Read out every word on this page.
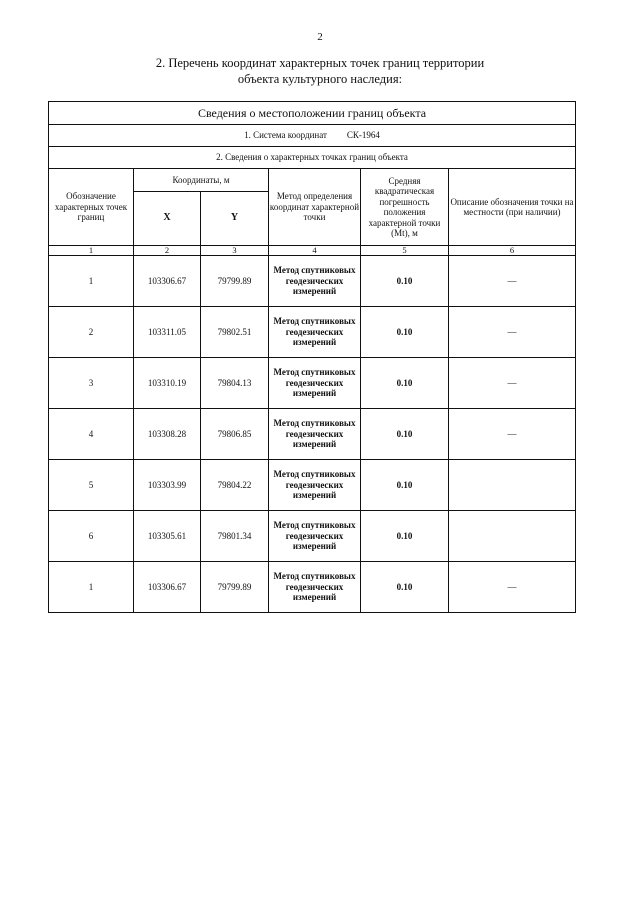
2
2. Перечень координат характерных точек границ территории
объекта культурного наследия:
Сведения о местоположении границ объекта					
1. Система координат СК-1964					
2. Сведения о характерных точках границ объекта					
Обозначение характерных точек границ	Координаты, м		Метод определения координат характерной точки	Средняя квадратическая погрешность положения характерной точки (Mt), м	Описание обозначения точки на местности (при наличии)
	X	Y			
1	2	3	4	5	6
1	103306.67	79799.89	Метод спутниковых геодезических измерений	0.10	—
2	103311.05	79802.51	Метод спутниковых геодезических измерений	0.10	—
3	103310.19	79804.13	Метод спутниковых геодезических измерений	0.10	—
4	103308.28	79806.85	Метод спутниковых геодезических измерений	0.10	—
5	103303.99	79804.22	Метод спутниковых геодезических измерений	0.10	
6	103305.61	79801.34	Метод спутниковых геодезических измерений	0.10	
1	103306.67	79799.89	Метод спутниковых геодезических измерений	0.10	—
